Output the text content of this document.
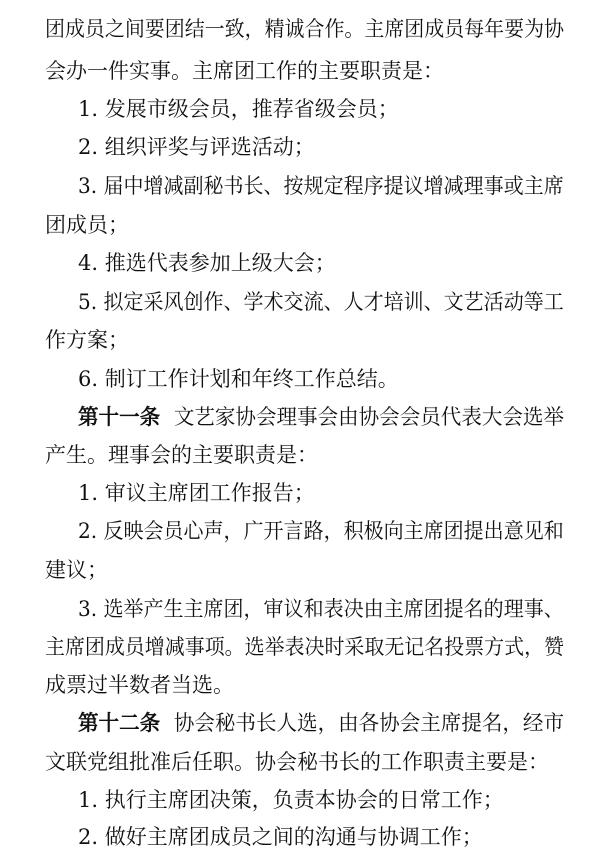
团成员之间要团结一致，精诚合作。主席团成员每年要为协
会办一件实事。主席团工作的主要职责是：
1. 发展市级会员，推荐省级会员；
2. 组织评奖与评选活动；
3. 届中增减副秘书长、按规定程序提议增减理事或主席
团成员；
4. 推选代表参加上级大会；
5. 拟定采风创作、学术交流、人才培训、文艺活动等工
作方案；
6. 制订工作计划和年终工作总结。
第十一条 文艺家协会理事会由协会会员代表大会选举
产生。理事会的主要职责是：
1. 审议主席团工作报告；
2. 反映会员心声，广开言路，积极向主席团提出意见和
建议；
3. 选举产生主席团，审议和表决由主席团提名的理事、
主席团成员增减事项。选举表决时采取无记名投票方式，赞
成票过半数者当选。
第十二条 协会秘书长人选，由各协会主席提名，经市
文联党组批准后任职。协会秘书长的工作职责主要是：
1. 执行主席团决策，负责本协会的日常工作；
2. 做好主席团成员之间的沟通与协调工作；
